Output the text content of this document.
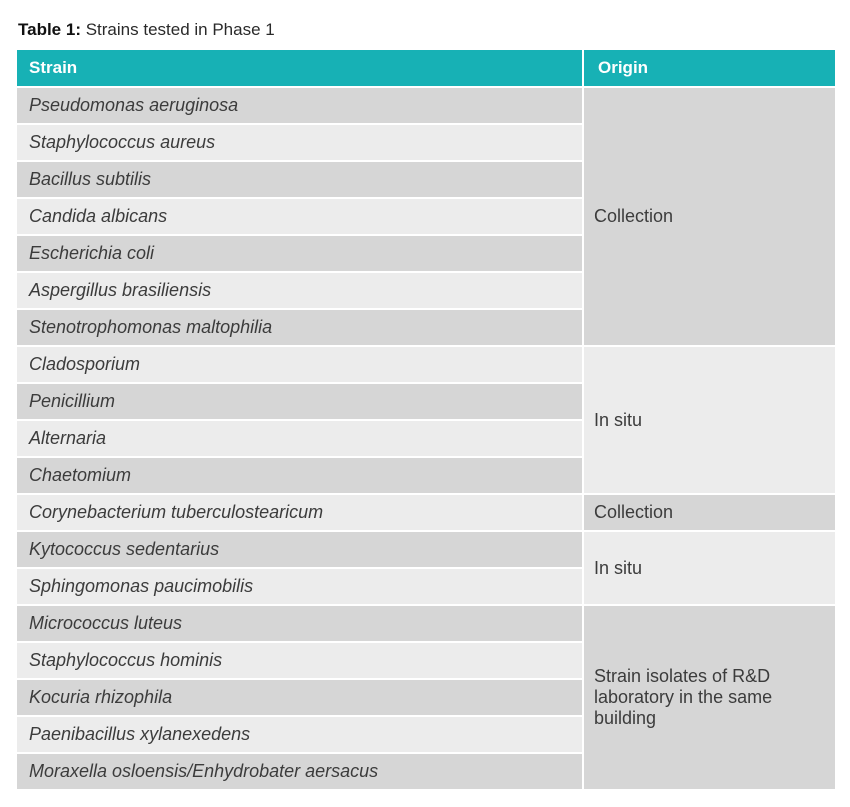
Table 1: Strains tested in Phase 1
Strain	Origin
Pseudomonas aeruginosa
Staphylococcus aureus
Bacillus subtilis
Candida albicans
Escherichia coli
Aspergillus brasiliensis
Stenotrophomonas maltophilia
Cladosporium
Penicillium
Alternaria
Chaetomium
Corynebacterium tuberculostearicum
Kytococcus sedentarius
Sphingomonas paucimobilis
Micrococcus luteus
Staphylococcus hominis
Kocuria rhizophila
Paenibacillus xylanexedens
Moraxella osloensis/Enhydrobater aersacus
Collection
In situ
Collection
In situ
Strain isolates of R&D laboratory in the same building
